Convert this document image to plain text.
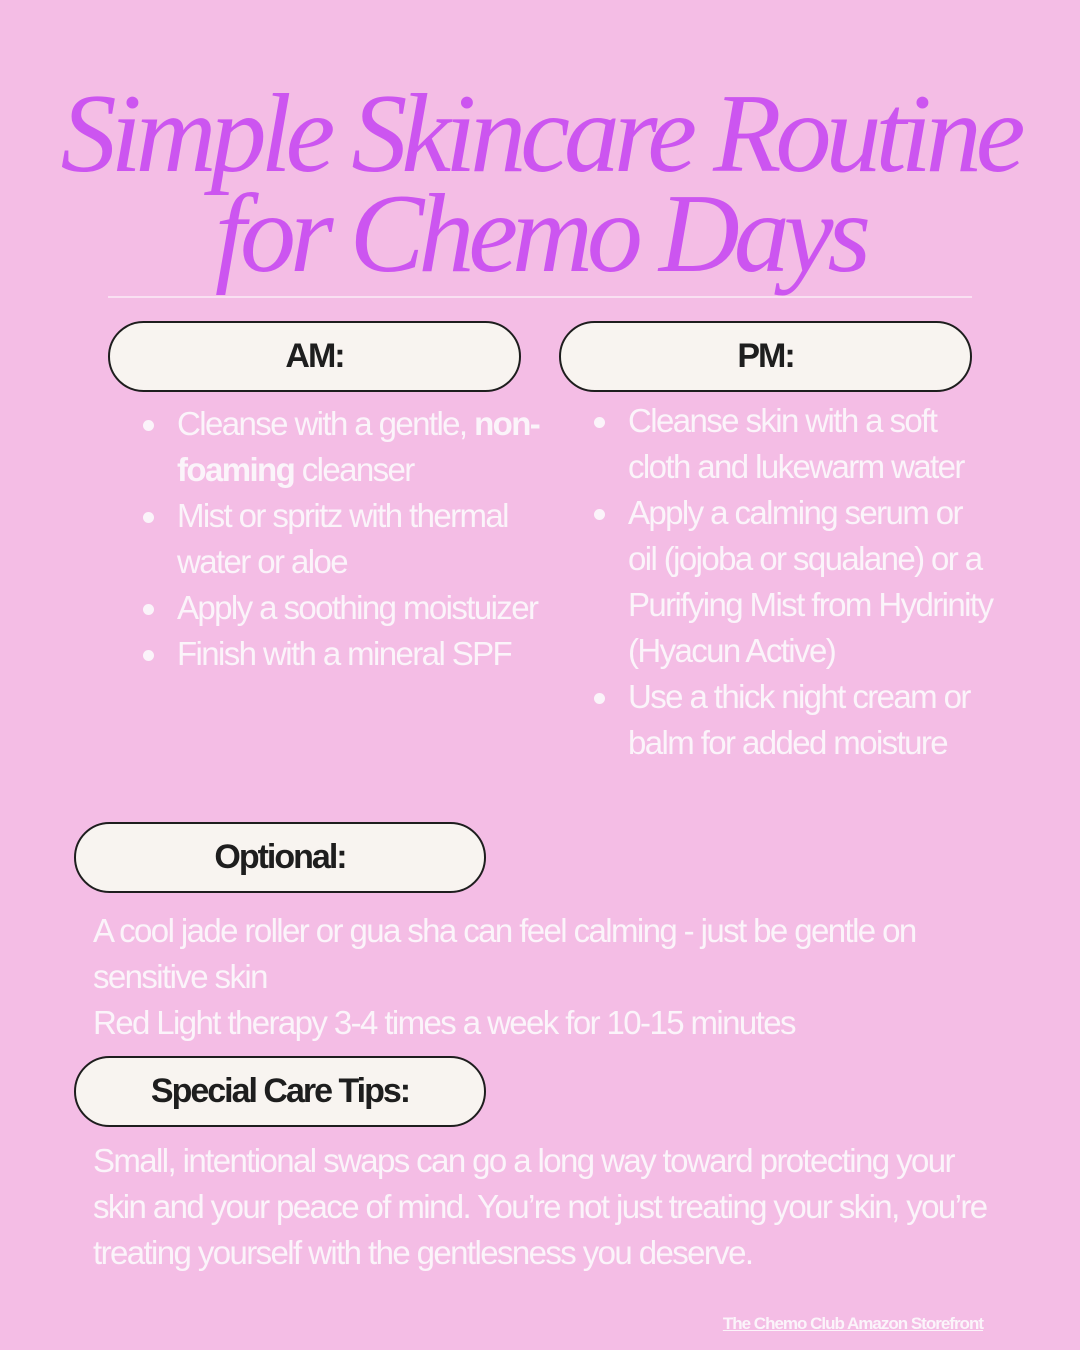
Simple Skincare Routine
for Chemo Days
AM:	PM:
Cleanse with a gentle, non-foaming cleanser
Mist or spritz with thermal water or aloe
Apply a soothing moistuizer
Finish with a mineral SPF
Cleanse skin with a soft cloth and lukewarm water
Apply a calming serum or oil (jojoba or squalane) or a Purifying Mist from Hydrinity (Hyacun Active)
Use a thick night cream or balm for added moisture
Optional:

A cool jade roller or gua sha can feel calming - just be gentle on sensitive skin

Red Light therapy 3-4 times a week for 10-15 minutes

Special Care Tips:

Small, intentional swaps can go a long way toward protecting your skin and your peace of mind. You’re not just treating your skin, you’re treating yourself with the gentlesness you deserve.

The Chemo Club Amazon Storefront
